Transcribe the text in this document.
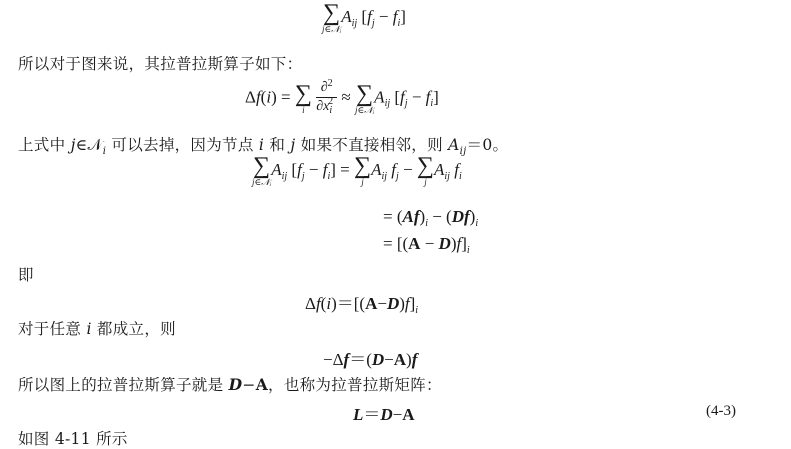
∑
j∈𝒩ᵢ
$A_{ij}$ $[f_j - f_i]$
所以对于图来说，其拉普拉斯算子如下：
Δf(i) = ∑
i
$\frac{\partial^2}{\partial x_i^2}$ ≈ ∑
j∈𝒩ᵢ
$A_{ij}$ $[f_j - f_i]$
上式中 j∈𝒩$_i$ 可以去掉，因为节点 i 和 j 如果不直接相邻，则 $A_{ij}=0$。
∑
j∈𝒩ᵢ
$A_{ij}$ $[f_j - f_i]$ = ∑
j
$A_{ij}$ $f_j$ − ∑
j
$A_{ij}$ $f_i$
= $(Af)_i - (Df)_i$
= $[(A - D)f]_i$
即
$\Delta f(i)=[(A-D)f]_i$
对于任意 i 都成立，则
−Δf＝(D−A)f
所以图上的拉普拉斯算子就是 D−A，也称为拉普拉斯矩阵：
L＝D−A	(4-3)
如图 4-11 所示
